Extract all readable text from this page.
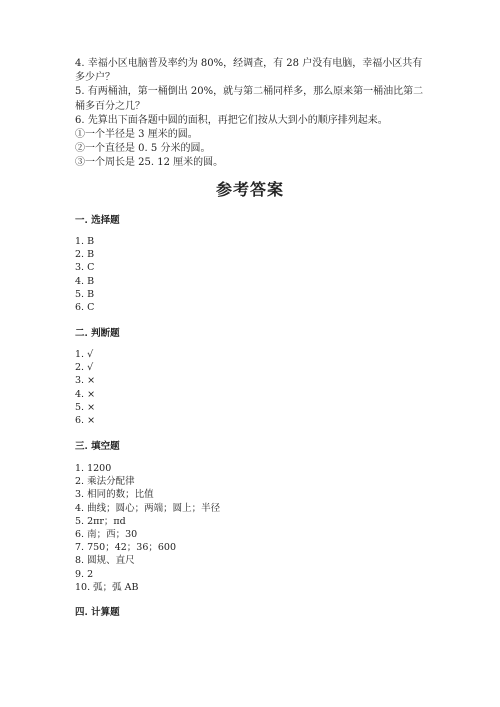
4. 幸福小区电脑普及率约为 80%，经调查，有 28 户没有电脑，幸福小区共有
多少户？
5. 有两桶油，第一桶倒出 20%，就与第二桶同样多，那么原来第一桶油比第二
桶多百分之几？
6. 先算出下面各题中圆的面积，再把它们按从大到小的顺序排列起来。
①一个半径是 3 厘米的圆。
②一个直径是 0. 5 分米的圆。
③一个周长是 25. 12 厘米的圆。
参考答案
一. 选择题
1. B
2. B
3. C
4. B
5. B
6. C
二. 判断题
1. √
2. √
3. ×
4. ×
5. ×
6. ×
三. 填空题
1. 1200
2. 乘法分配律
3. 相同的数；比值
4. 曲线；圆心；两端；圆上；半径
5. 2πr；πd
6. 南；西；30
7. 750；42；36；600
8. 圆规、直尺
9. 2
10. 弧；弧 AB
四. 计算题
